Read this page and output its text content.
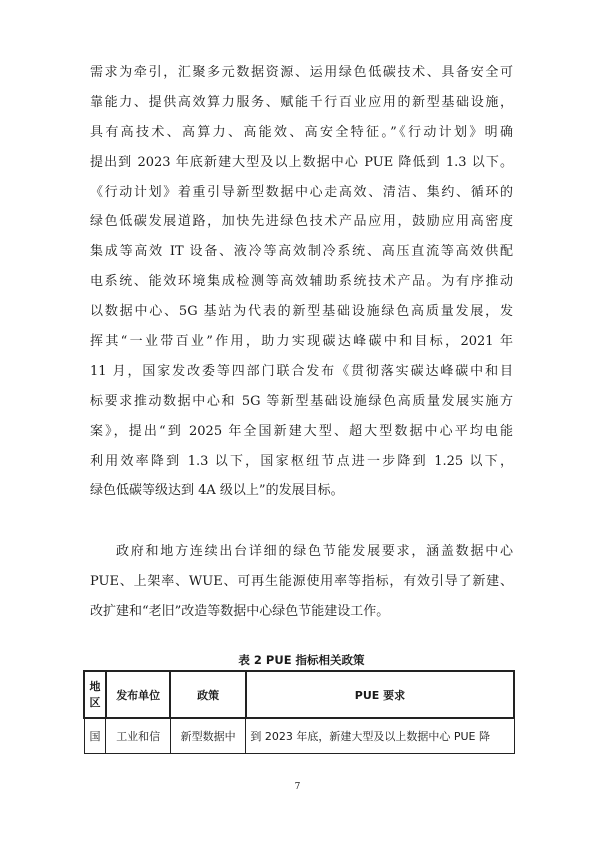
需求为牵引，汇聚多元数据资源、运用绿色低碳技术、具备安全可
靠能力、提供高效算力服务、赋能千行百业应用的新型基础设施，
具有高技术、高算力、高能效、高安全特征。”《行动计划》明确
提出到 2023 年底新建大型及以上数据中心 PUE 降低到 1.3 以下。
《行动计划》着重引导新型数据中心走高效、清洁、集约、循环的
绿色低碳发展道路，加快先进绿色技术产品应用，鼓励应用高密度
集成等高效 IT 设备、液冷等高效制冷系统、高压直流等高效供配
电系统、能效环境集成检测等高效辅助系统技术产品。为有序推动
以数据中心、5G 基站为代表的新型基础设施绿色高质量发展，发
挥其“一业带百业”作用，助力实现碳达峰碳中和目标，2021 年
11 月，国家发改委等四部门联合发布《贯彻落实碳达峰碳中和目
标要求推动数据中心和 5G 等新型基础设施绿色高质量发展实施方
案》，提出“到 2025 年全国新建大型、超大型数据中心平均电能
利用效率降到 1.3 以下，国家枢纽节点进一步降到 1.25 以下，
绿色低碳等级达到 4A 级以上”的发展目标。
政府和地方连续出台详细的绿色节能发展要求，涵盖数据中心
PUE、上架率、WUE、可再生能源使用率等指标，有效引导了新建、
改扩建和“老旧”改造等数据中心绿色节能建设工作。
表 2 PUE 指标相关政策
地区	发布单位	政策	PUE 要求
国	工业和信	新型数据中	到 2023 年底，新建大型及以上数据中心 PUE 降
7
